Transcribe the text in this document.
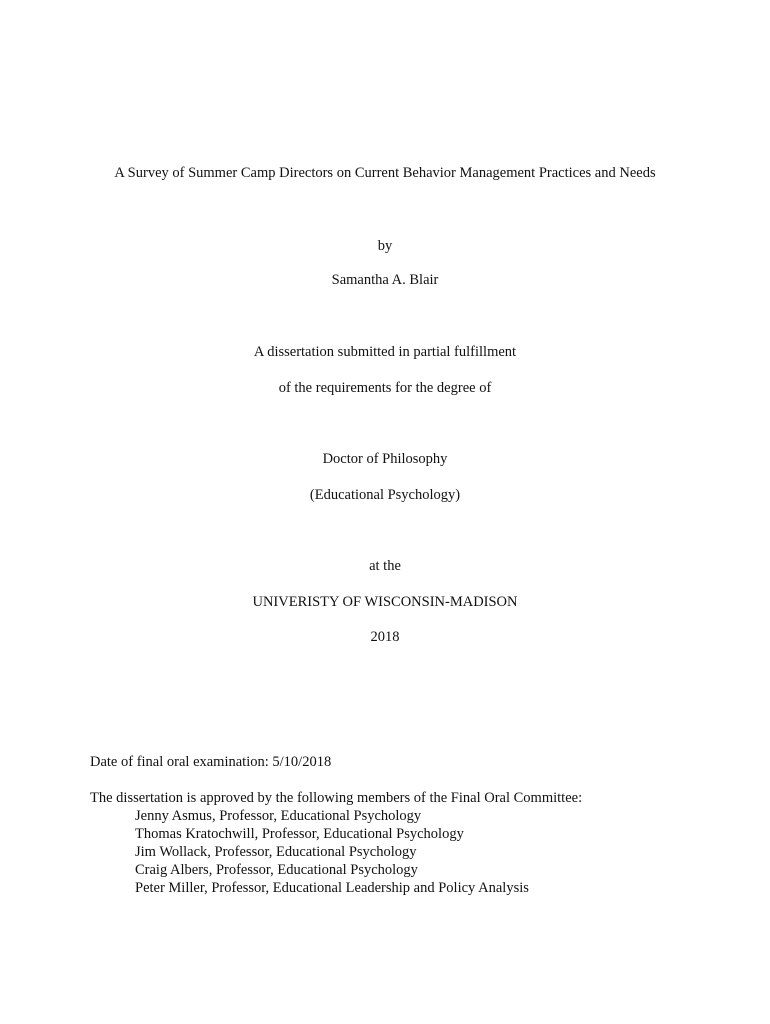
A Survey of Summer Camp Directors on Current Behavior Management Practices and Needs
by
Samantha A. Blair
A dissertation submitted in partial fulfillment
of the requirements for the degree of
Doctor of Philosophy
(Educational Psychology)
at the
UNIVERISTY OF WISCONSIN-MADISON
2018
Date of final oral examination: 5/10/2018
The dissertation is approved by the following members of the Final Oral Committee:
Jenny Asmus, Professor, Educational Psychology
Thomas Kratochwill, Professor, Educational Psychology
Jim Wollack, Professor, Educational Psychology
Craig Albers, Professor, Educational Psychology
Peter Miller, Professor, Educational Leadership and Policy Analysis
